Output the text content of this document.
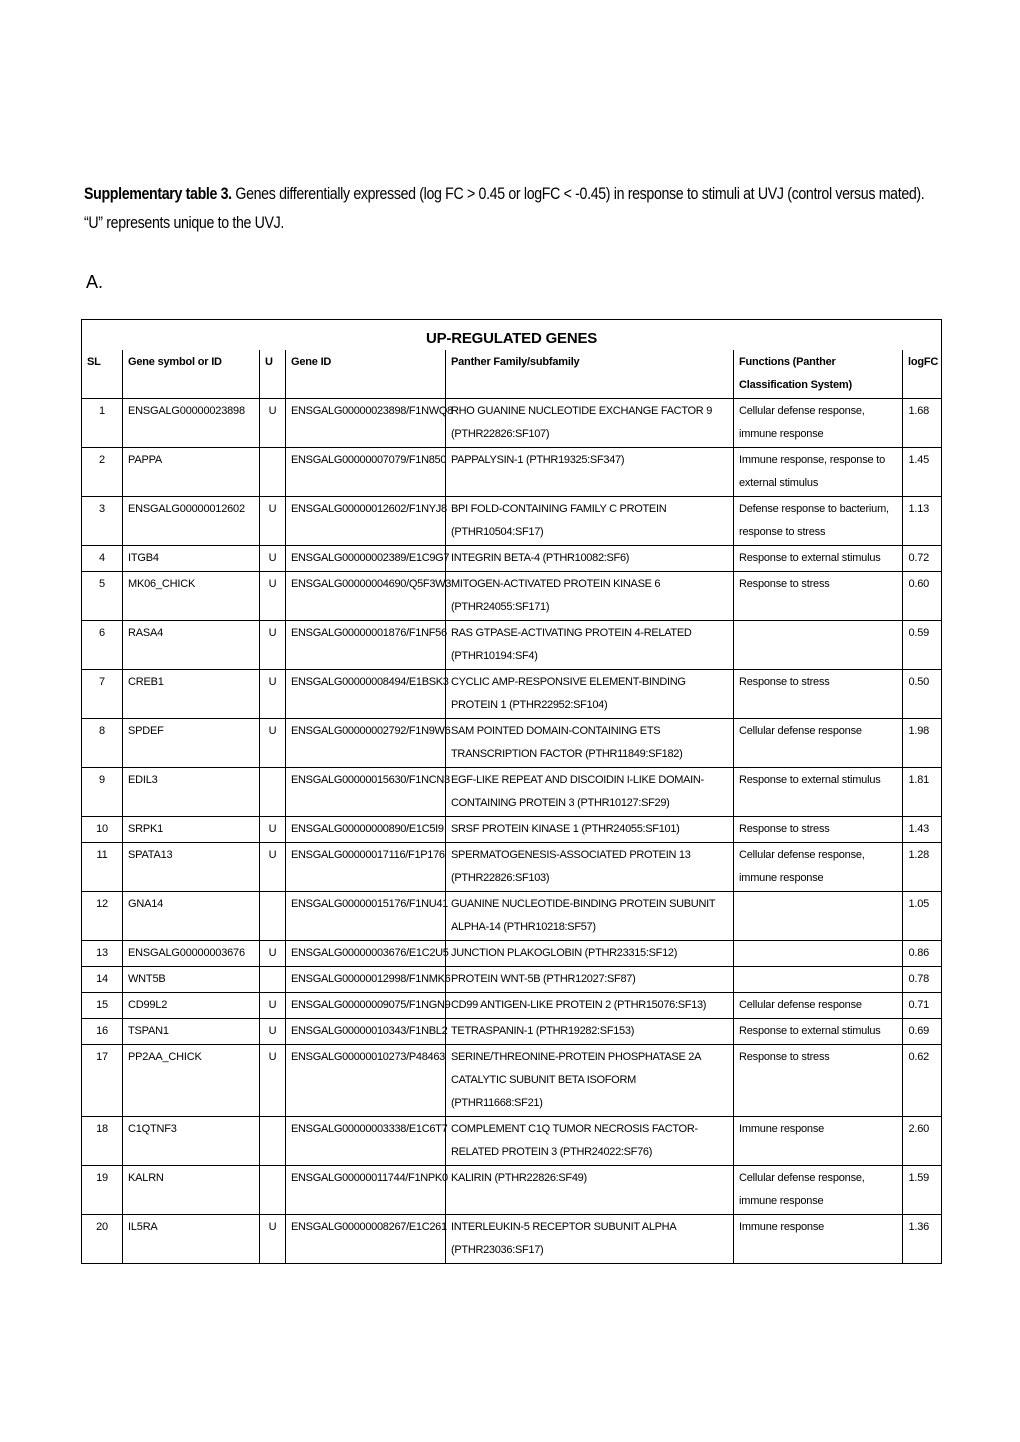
Supplementary table 3. Genes differentially expressed (log FC > 0.45 or logFC < -0.45) in response to stimuli at UVJ (control versus mated). “U” represents unique to the UVJ.
A.
UP-REGULATED GENES						
SL	Gene symbol or ID	U	Gene ID	Panther Family/subfamily	Functions (Panther Classification System)	logFC
1	ENSGALG00000023898	U	ENSGALG00000023898/F1NWQ8	RHO GUANINE NUCLEOTIDE EXCHANGE FACTOR 9 (PTHR22826:SF107)	Cellular defense response, immune response	1.68
2	PAPPA		ENSGALG00000007079/F1N850	PAPPALYSIN-1 (PTHR19325:SF347)	Immune response, response to external stimulus	1.45
3	ENSGALG00000012602	U	ENSGALG00000012602/F1NYJ8	BPI FOLD-CONTAINING FAMILY C PROTEIN (PTHR10504:SF17)	Defense response to bacterium, response to stress	1.13
4	ITGB4	U	ENSGALG00000002389/E1C9G7	INTEGRIN BETA-4 (PTHR10082:SF6)	Response to external stimulus	0.72
5	MK06_CHICK	U	ENSGALG00000004690/Q5F3W3	MITOGEN-ACTIVATED PROTEIN KINASE 6 (PTHR24055:SF171)	Response to stress	0.60
6	RASA4	U	ENSGALG00000001876/F1NF56	RAS GTPASE-ACTIVATING PROTEIN 4-RELATED (PTHR10194:SF4)		0.59
7	CREB1	U	ENSGALG00000008494/E1BSK3	CYCLIC AMP-RESPONSIVE ELEMENT-BINDING PROTEIN 1 (PTHR22952:SF104)	Response to stress	0.50
8	SPDEF	U	ENSGALG00000002792/F1N9W6	SAM POINTED DOMAIN-CONTAINING ETS TRANSCRIPTION FACTOR (PTHR11849:SF182)	Cellular defense response	1.98
9	EDIL3		ENSGALG00000015630/F1NCN3	EGF-LIKE REPEAT AND DISCOIDIN I-LIKE DOMAIN-CONTAINING PROTEIN 3 (PTHR10127:SF29)	Response to external stimulus	1.81
10	SRPK1	U	ENSGALG00000000890/E1C5I9	SRSF PROTEIN KINASE 1 (PTHR24055:SF101)	Response to stress	1.43
11	SPATA13	U	ENSGALG00000017116/F1P176	SPERMATOGENESIS-ASSOCIATED PROTEIN 13 (PTHR22826:SF103)	Cellular defense response, immune response	1.28
12	GNA14		ENSGALG00000015176/F1NU41	GUANINE NUCLEOTIDE-BINDING PROTEIN SUBUNIT ALPHA-14 (PTHR10218:SF57)		1.05
13	ENSGALG00000003676	U	ENSGALG00000003676/E1C2U5	JUNCTION PLAKOGLOBIN (PTHR23315:SF12)		0.86
14	WNT5B		ENSGALG00000012998/F1NMK6	PROTEIN WNT-5B (PTHR12027:SF87)		0.78
15	CD99L2	U	ENSGALG00000009075/F1NGN9	CD99 ANTIGEN-LIKE PROTEIN 2 (PTHR15076:SF13)	Cellular defense response	0.71
16	TSPAN1	U	ENSGALG00000010343/F1NBL2	TETRASPANIN-1 (PTHR19282:SF153)	Response to external stimulus	0.69
17	PP2AA_CHICK	U	ENSGALG00000010273/P48463	SERINE/THREONINE-PROTEIN PHOSPHATASE 2A CATALYTIC SUBUNIT BETA ISOFORM (PTHR11668:SF21)	Response to stress	0.62
18	C1QTNF3		ENSGALG00000003338/E1C6T7	COMPLEMENT C1Q TUMOR NECROSIS FACTOR-RELATED PROTEIN 3 (PTHR24022:SF76)	Immune response	2.60
19	KALRN		ENSGALG00000011744/F1NPK0	KALIRIN (PTHR22826:SF49)	Cellular defense response, immune response	1.59
20	IL5RA	U	ENSGALG00000008267/E1C261	INTERLEUKIN-5 RECEPTOR SUBUNIT ALPHA (PTHR23036:SF17)	Immune response	1.36
